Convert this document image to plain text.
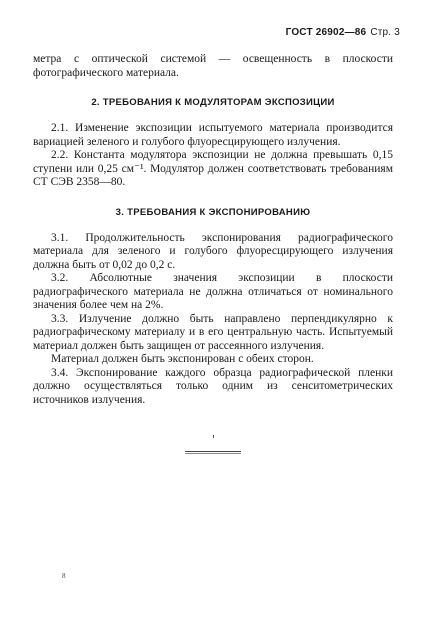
ГОСТ 26902—86 Стр. 3

метра с оптической системой — освещенность в плоскости фотографического материала.

2. ТРЕБОВАНИЯ К МОДУЛЯТОРАМ ЭКСПОЗИЦИИ

2.1. Изменение экспозиции испытуемого материала производится вариацией зеленого и голубого флуоресцирующего излучения.

2.2. Константа модулятора экспозиции не должна превышать 0,15 ступени или 0,25 см⁻¹. Модулятор должен соответствовать требованиям СТ СЭВ 2358—80.

3. ТРЕБОВАНИЯ К ЭКСПОНИРОВАНИЮ

3.1. Продолжительность экспонирования радиографического материала для зеленого и голубого флуоресцирующего излучения должна быть от 0,02 до 0,2 с.

3.2. Абсолютные значения экспозиции в плоскости радиографического материала не должна отличаться от номинального значения более чем на 2%.

3.3. Излучение должно быть направлено перпендикулярно к радиографическому материалу и в его центральную часть. Испытуемый материал должен быть защищен от рассеянного излучения.

Материал должен быть экспонирован с обеих сторон.

3.4. Экспонирование каждого образца радиографической пленки должно осуществляться только одним из сенситометрических источников излучения.

8
